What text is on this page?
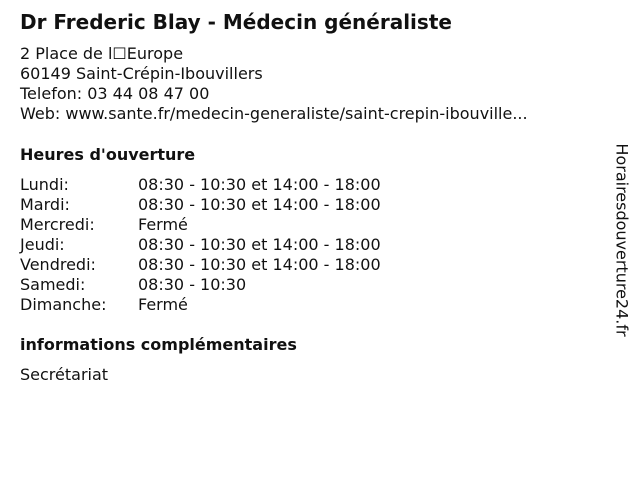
Dr Frederic Blay - Médecin généraliste
2 Place de l☐Europe
60149 Saint-Crépin-Ibouvillers
Telefon: 03 44 08 47 00
Web: www.sante.fr/medecin-generaliste/saint-crepin-ibouville...
Heures d'ouverture
Lundi:	08:30 - 10:30 et 14:00 - 18:00
Mardi:	08:30 - 10:30 et 14:00 - 18:00
Mercredi:	Fermé
Jeudi:	08:30 - 10:30 et 14:00 - 18:00
Vendredi:	08:30 - 10:30 et 14:00 - 18:00
Samedi:	08:30 - 10:30
Dimanche:	Fermé
informations complémentaires
Secrétariat
Horairesdouverture24.fr
